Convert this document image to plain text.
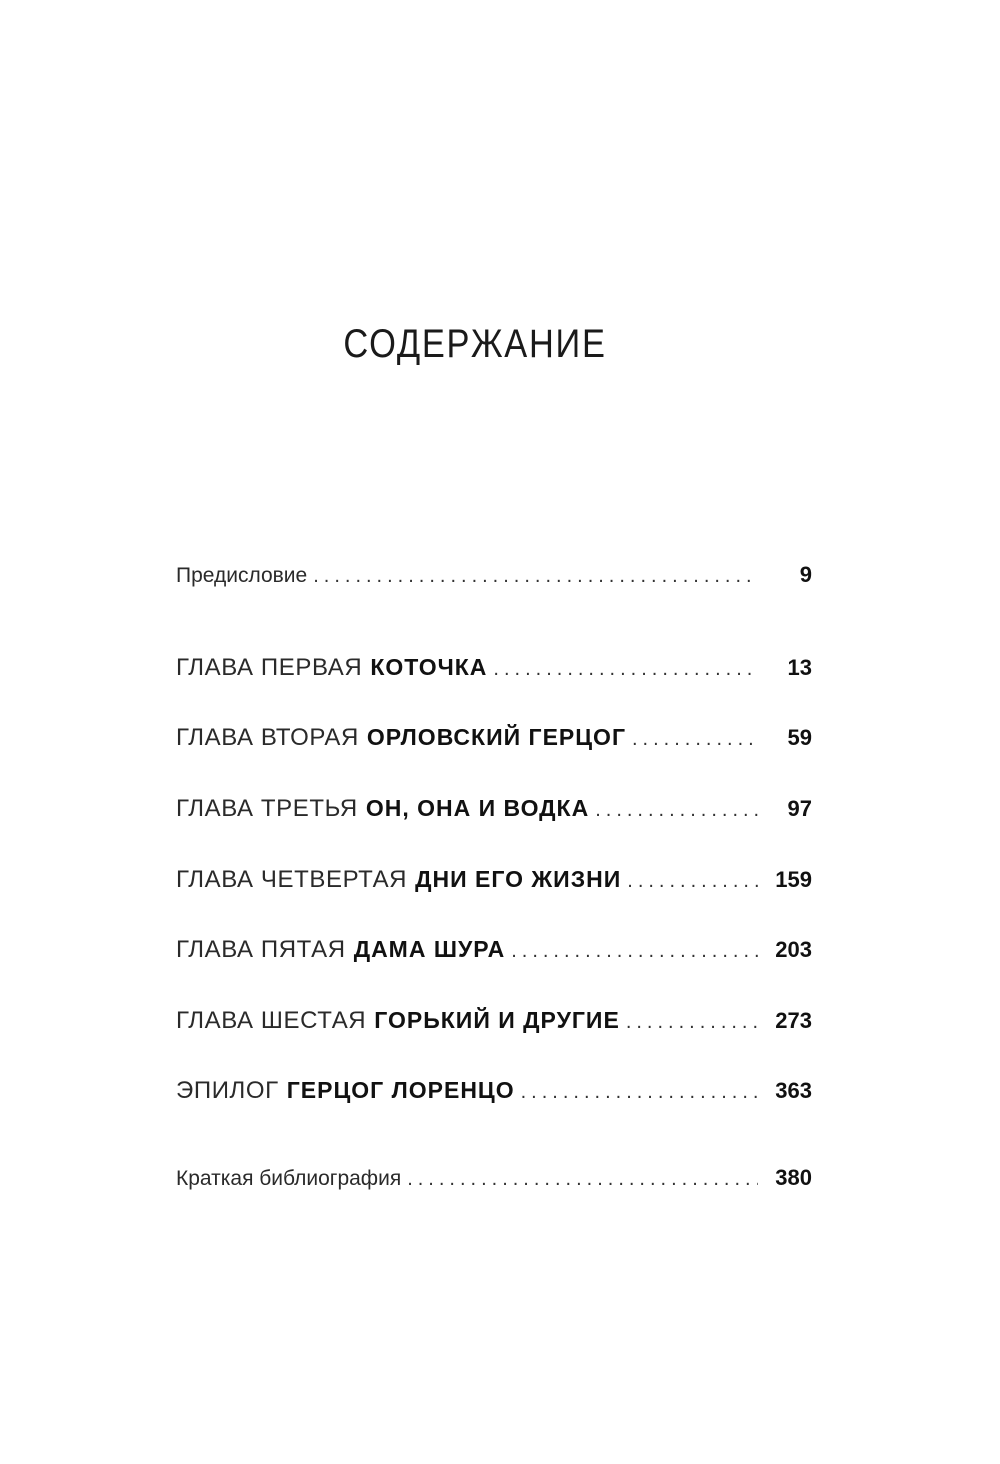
СОДЕРЖАНИЕ
Предисловие .....	9
ГЛАВА ПЕРВАЯ КОТОЧКА .....	13
ГЛАВА ВТОРАЯ ОРЛОВСКИЙ ГЕРЦОГ .....	59
ГЛАВА ТРЕТЬЯ ОН, ОНА И ВОДКА .....	97
ГЛАВА ЧЕТВЕРТАЯ ДНИ ЕГО ЖИЗНИ .....	159
ГЛАВА ПЯТАЯ ДАМА ШУРА .....	203
ГЛАВА ШЕСТАЯ ГОРЬКИЙ И ДРУГИЕ .....	273
ЭПИЛОГ ГЕРЦОГ ЛОРЕНЦО .....	363
Краткая библиография .....	380
